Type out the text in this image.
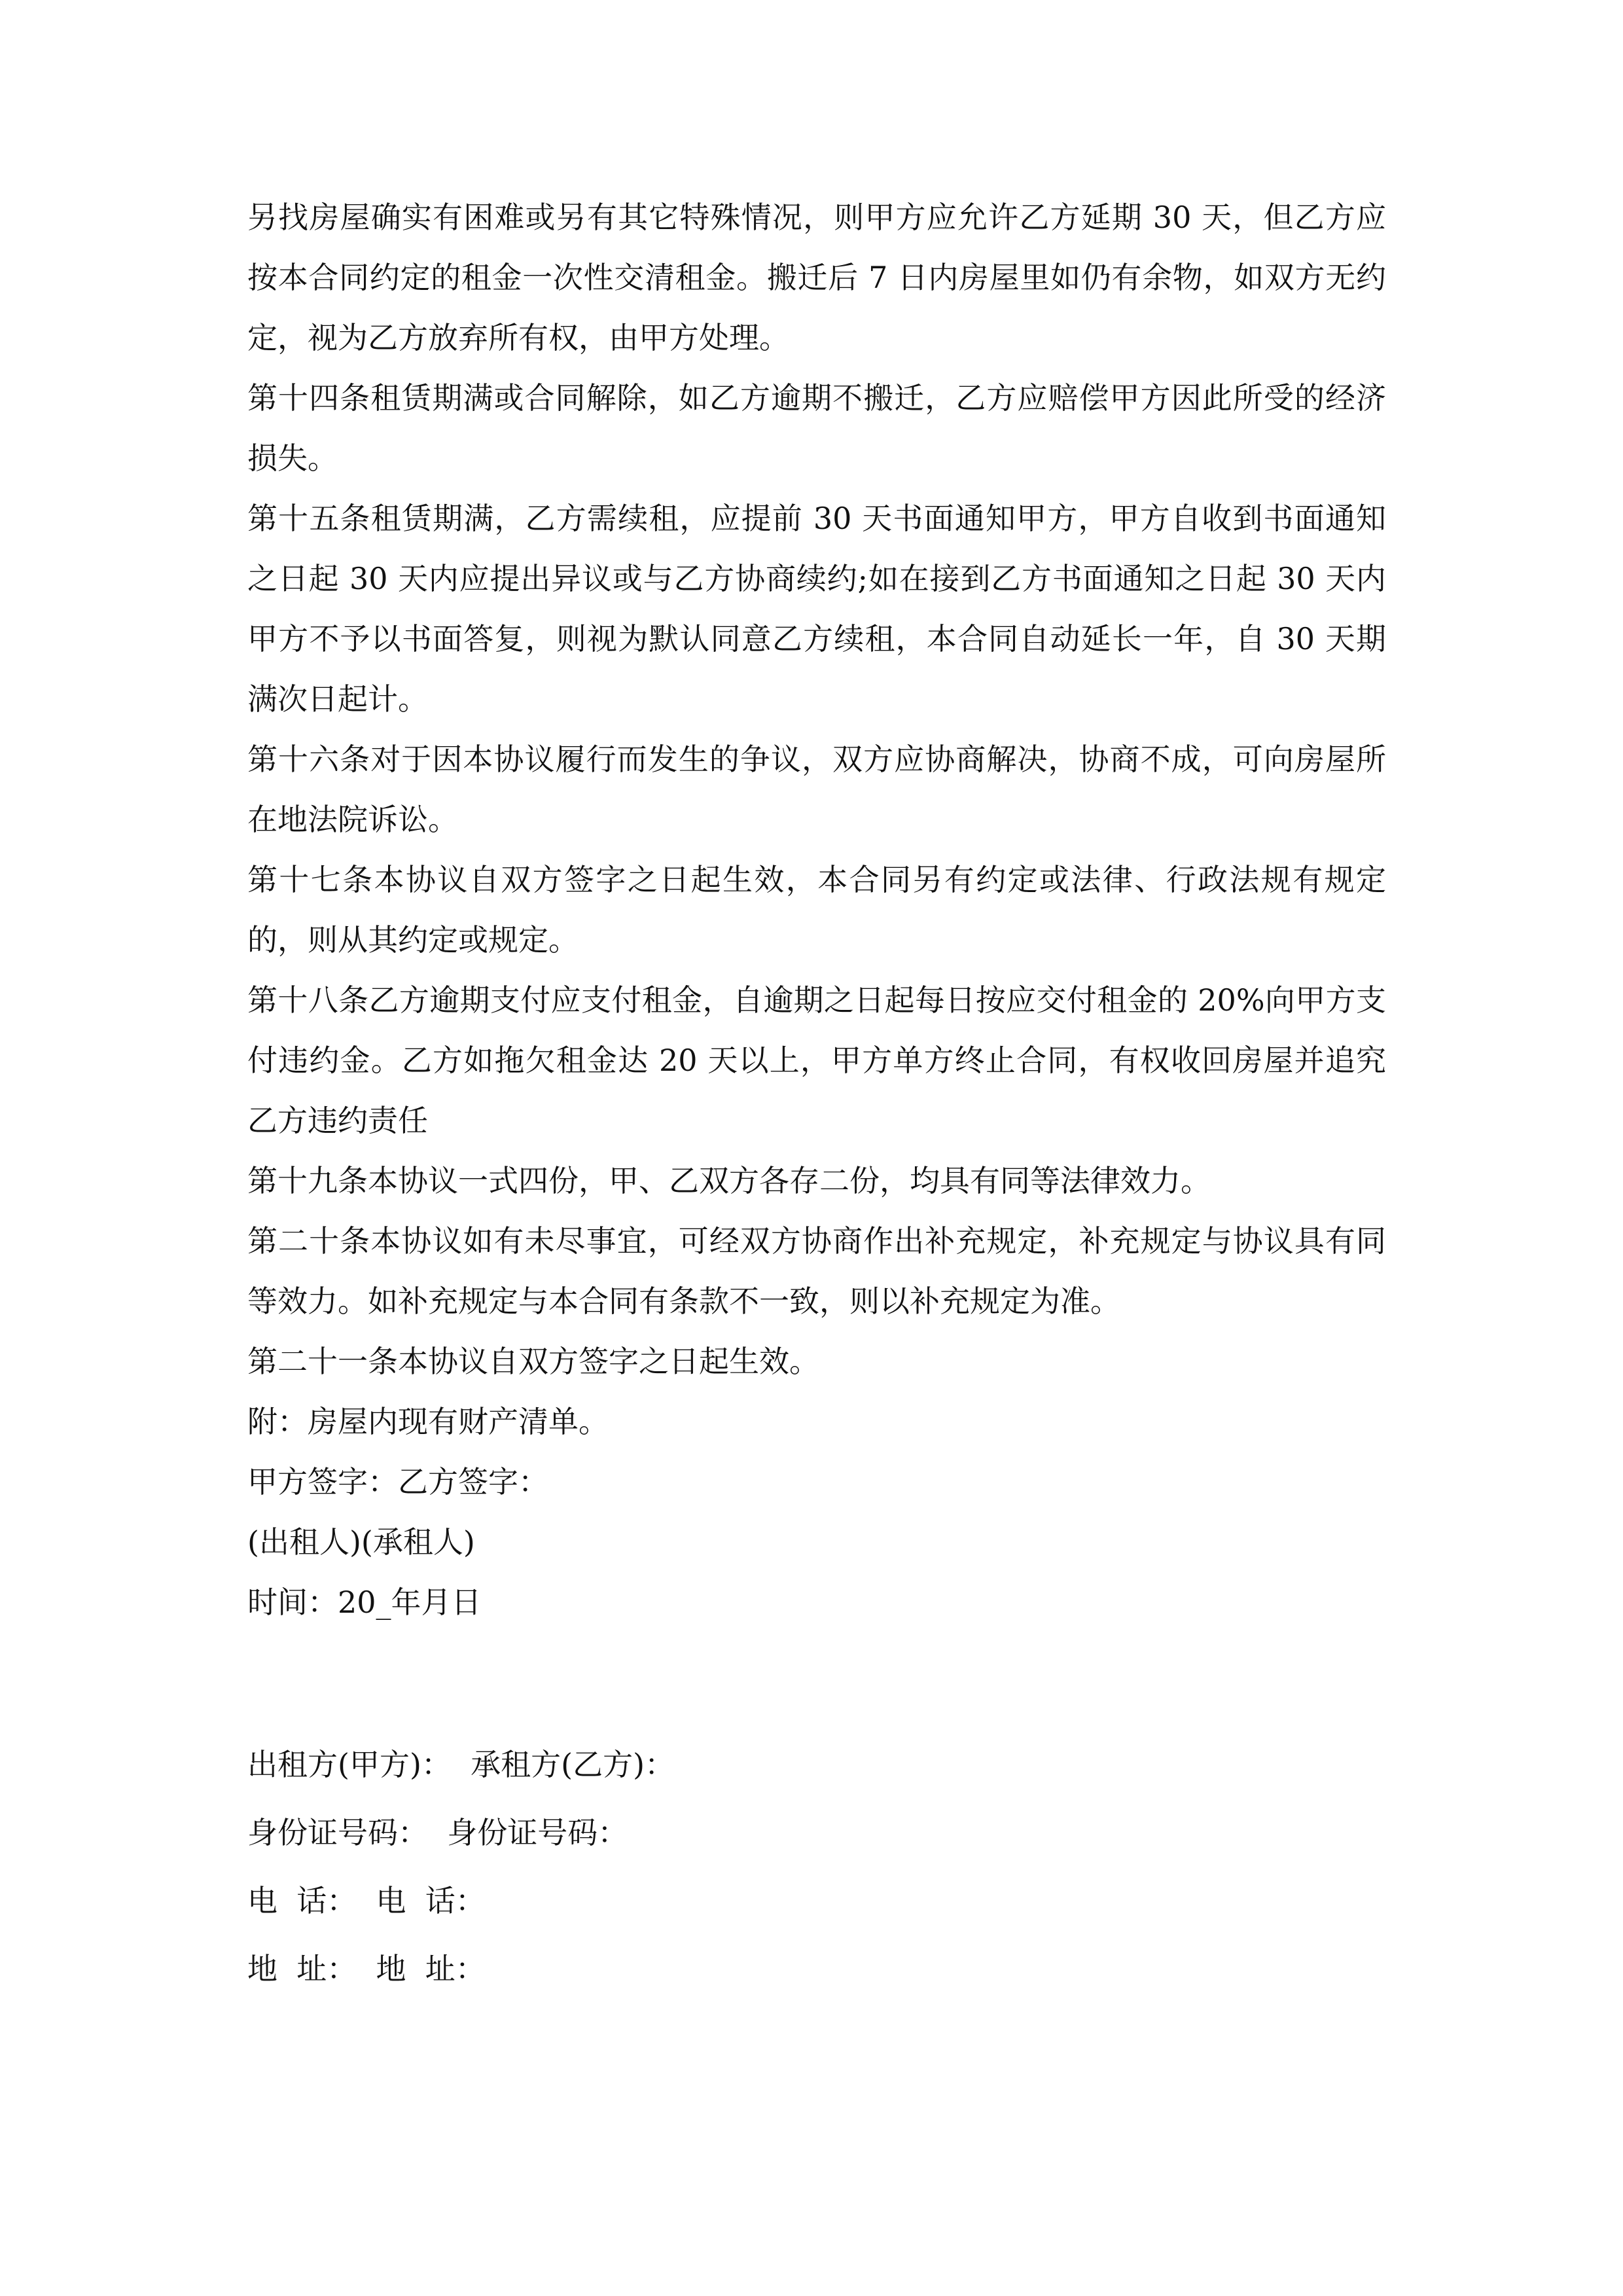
另找房屋确实有困难或另有其它特殊情况，则甲方应允许乙方延期 30 天，但乙方应按本合同约定的租金一次性交清租金。搬迁后 7 日内房屋里如仍有余物，如双方无约定，视为乙方放弃所有权，由甲方处理。

第十四条租赁期满或合同解除，如乙方逾期不搬迁，乙方应赔偿甲方因此所受的经济损失。

第十五条租赁期满，乙方需续租，应提前 30 天书面通知甲方，甲方自收到书面通知之日起 30 天内应提出异议或与乙方协商续约;如在接到乙方书面通知之日起 30 天内甲方不予以书面答复，则视为默认同意乙方续租，本合同自动延长一年，自 30 天期满次日起计。

第十六条对于因本协议履行而发生的争议，双方应协商解决，协商不成，可向房屋所在地法院诉讼。

第十七条本协议自双方签字之日起生效，本合同另有约定或法律、行政法规有规定的，则从其约定或规定。

第十八条乙方逾期支付应支付租金，自逾期之日起每日按应交付租金的 20%向甲方支付违约金。乙方如拖欠租金达 20 天以上，甲方单方终止合同，有权收回房屋并追究乙方违约责任

第十九条本协议一式四份，甲、乙双方各存二份，均具有同等法律效力。

第二十条本协议如有未尽事宜，可经双方协商作出补充规定，补充规定与协议具有同等效力。如补充规定与本合同有条款不一致，则以补充规定为准。

第二十一条本协议自双方签字之日起生效。

附：房屋内现有财产清单。

甲方签字：乙方签字：

(出租人)(承租人)

时间：20_年月日

出租方(甲方)：  承租方(乙方)：

身份证号码：  身份证号码：

电  话：  电  话：

地  址：  地  址：
